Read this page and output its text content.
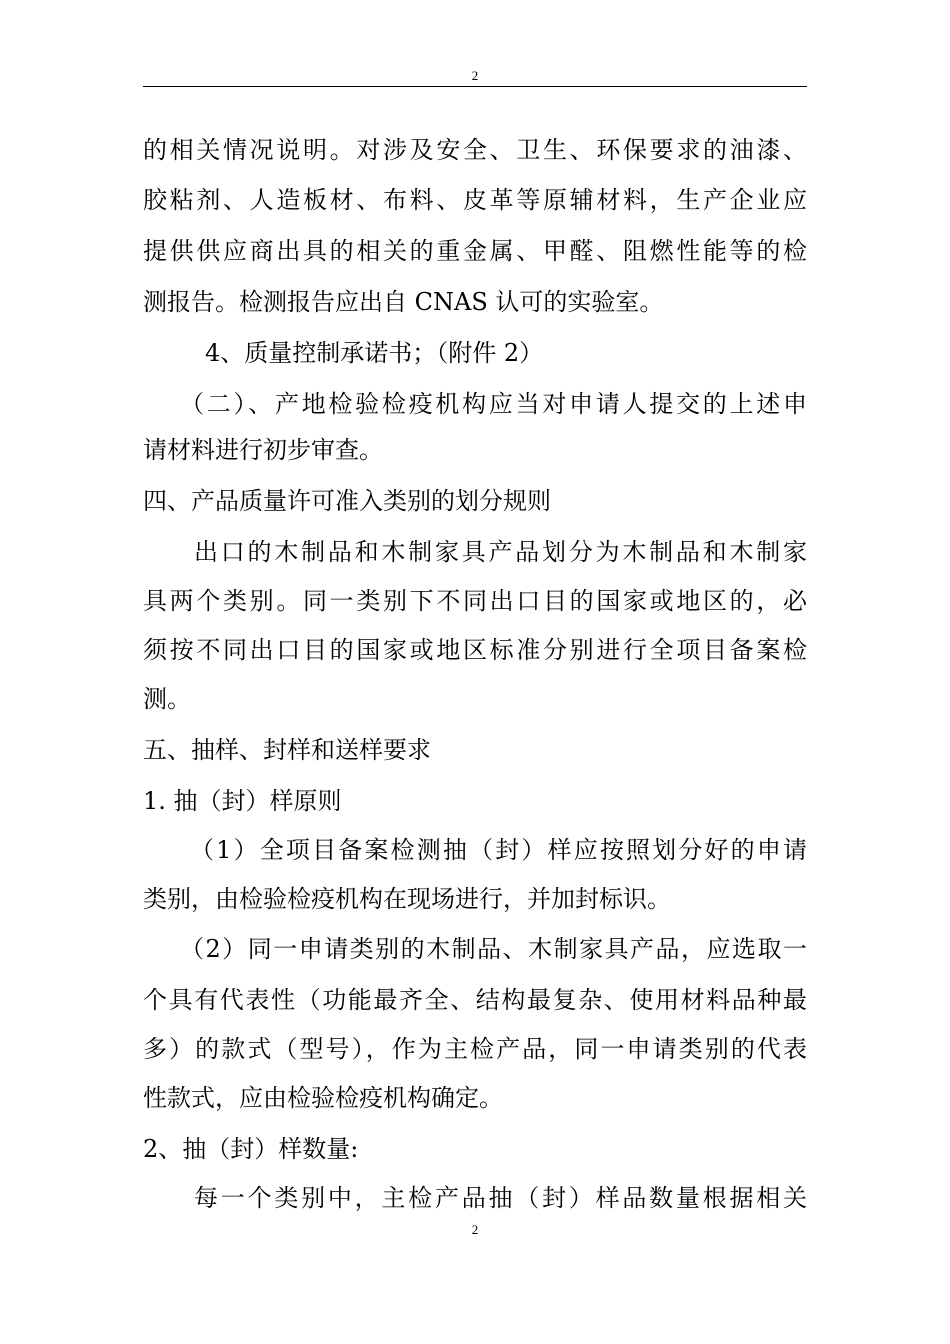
2
的相关情况说明。对涉及安全、卫生、环保要求的油漆、
胶粘剂、人造板材、布料、皮革等原辅材料，生产企业应
提供供应商出具的相关的重金属、甲醛、阻燃性能等的检
测报告。检测报告应出自 CNAS 认可的实验室。
4、质量控制承诺书；（附件 2）
（二）、产地检验检疫机构应当对申请人提交的上述申
请材料进行初步审查。
四、产品质量许可准入类别的划分规则
出口的木制品和木制家具产品划分为木制品和木制家
具两个类别。同一类别下不同出口目的国家或地区的，必
须按不同出口目的国家或地区标准分别进行全项目备案检
测。
五、抽样、封样和送样要求
1. 抽（封）样原则
（1）全项目备案检测抽（封）样应按照划分好的申请
类别，由检验检疫机构在现场进行，并加封标识。
（2）同一申请类别的木制品、木制家具产品，应选取一
个具有代表性（功能最齐全、结构最复杂、使用材料品种最
多）的款式（型号），作为主检产品，同一申请类别的代表
性款式，应由检验检疫机构确定。
2、抽（封）样数量:
每一个类别中，主检产品抽（封）样品数量根据相关
2
